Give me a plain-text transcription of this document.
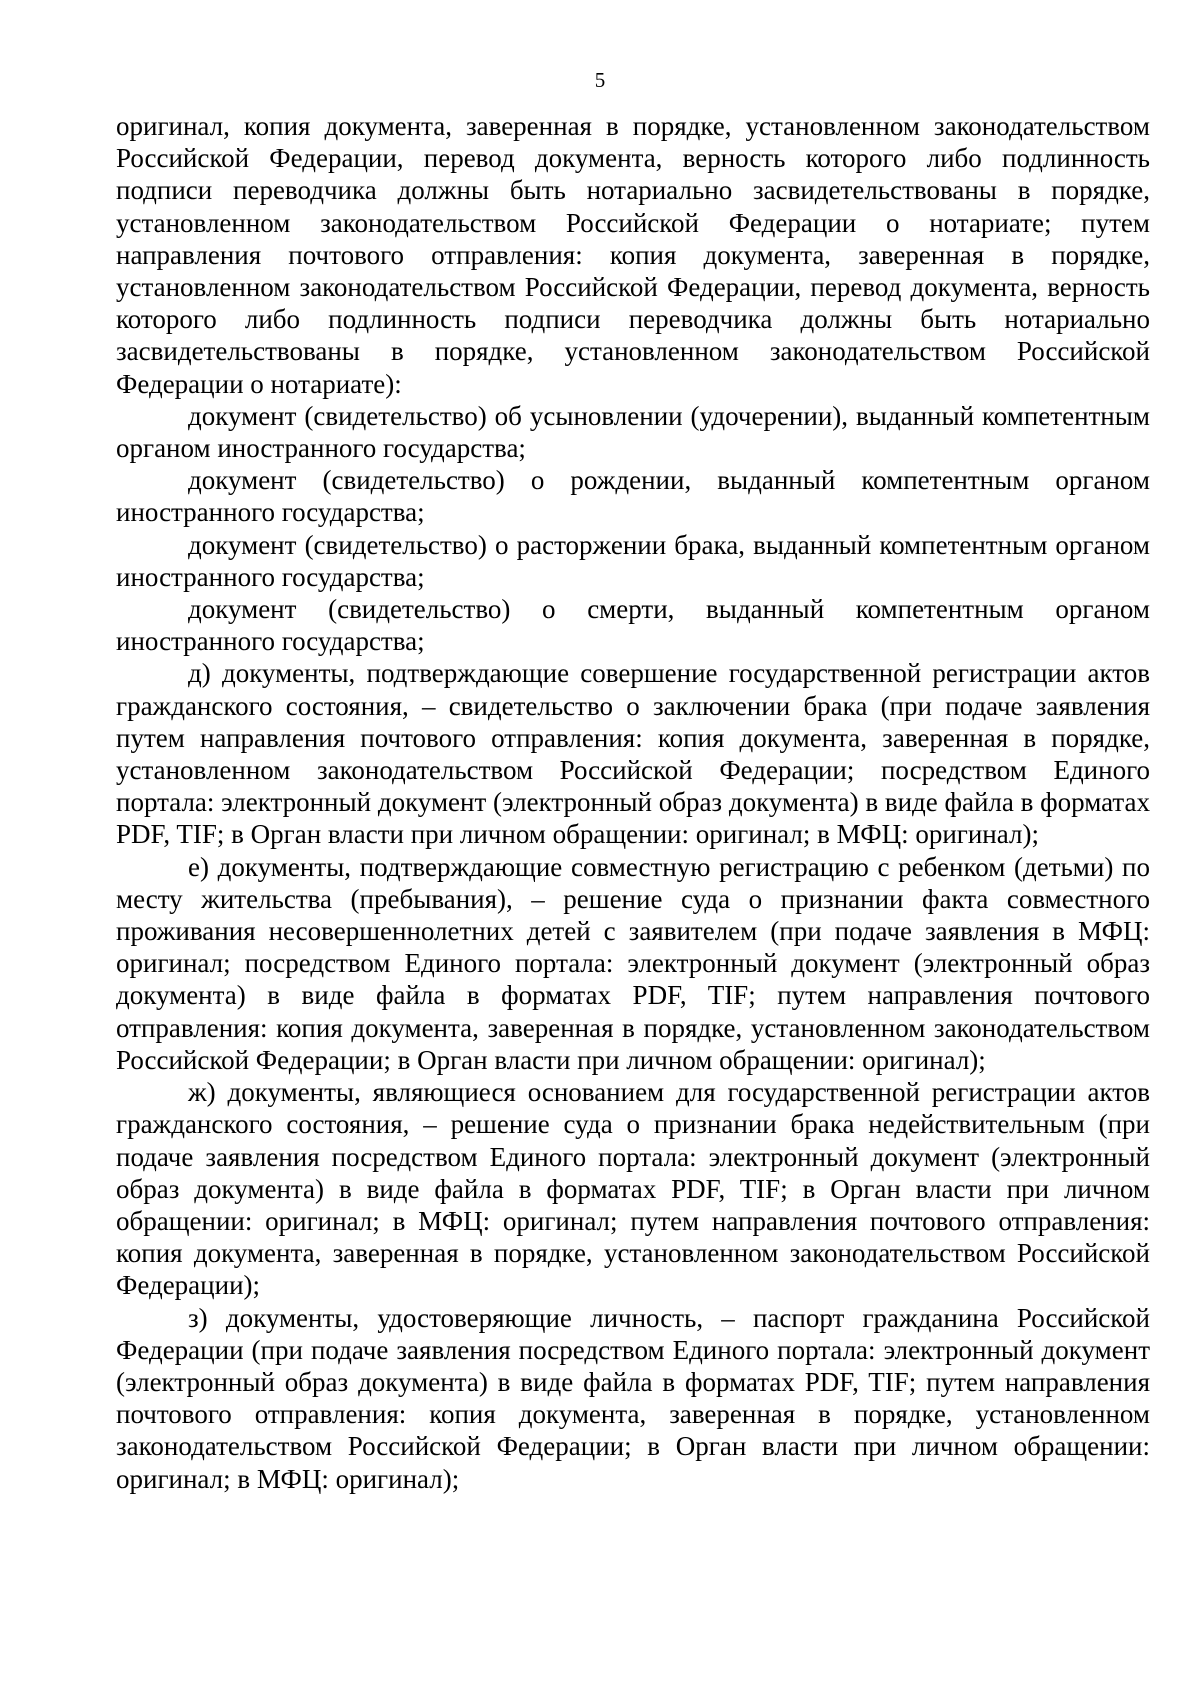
5

оригинал, копия документа, заверенная в порядке, установленном законодательством Российской Федерации, перевод документа, верность которого либо подлинность подписи переводчика должны быть нотариально засвидетельствованы в порядке, установленном законодательством Российской Федерации о нотариате; путем направления почтового отправления: копия документа, заверенная в порядке, установленном законодательством Российской Федерации, перевод документа, верность которого либо подлинность подписи переводчика должны быть нотариально засвидетельствованы в порядке, установленном законодательством Российской Федерации о нотариате):

документ (свидетельство) об усыновлении (удочерении), выданный компетентным органом иностранного государства;

документ (свидетельство) о рождении, выданный компетентным органом иностранного государства;

документ (свидетельство) о расторжении брака, выданный компетентным органом иностранного государства;

документ (свидетельство) о смерти, выданный компетентным органом иностранного государства;

д) документы, подтверждающие совершение государственной регистрации актов гражданского состояния, – свидетельство о заключении брака (при подаче заявления путем направления почтового отправления: копия документа, заверенная в порядке, установленном законодательством Российской Федерации; посредством Единого портала: электронный документ (электронный образ документа) в виде файла в форматах PDF, TIF; в Орган власти при личном обращении: оригинал; в МФЦ: оригинал);

е) документы, подтверждающие совместную регистрацию с ребенком (детьми) по месту жительства (пребывания), – решение суда о признании факта совместного проживания несовершеннолетних детей с заявителем (при подаче заявления в МФЦ: оригинал; посредством Единого портала: электронный документ (электронный образ документа) в виде файла в форматах PDF, TIF; путем направления почтового отправления: копия документа, заверенная в порядке, установленном законодательством Российской Федерации; в Орган власти при личном обращении: оригинал);

ж) документы, являющиеся основанием для государственной регистрации актов гражданского состояния, – решение суда о признании брака недействительным (при подаче заявления посредством Единого портала: электронный документ (электронный образ документа) в виде файла в форматах PDF, TIF; в Орган власти при личном обращении: оригинал; в МФЦ: оригинал; путем направления почтового отправления: копия документа, заверенная в порядке, установленном законодательством Российской Федерации);

з) документы, удостоверяющие личность, – паспорт гражданина Российской Федерации (при подаче заявления посредством Единого портала: электронный документ (электронный образ документа) в виде файла в форматах PDF, TIF; путем направления почтового отправления: копия документа, заверенная в порядке, установленном законодательством Российской Федерации; в Орган власти при личном обращении: оригинал; в МФЦ: оригинал);
